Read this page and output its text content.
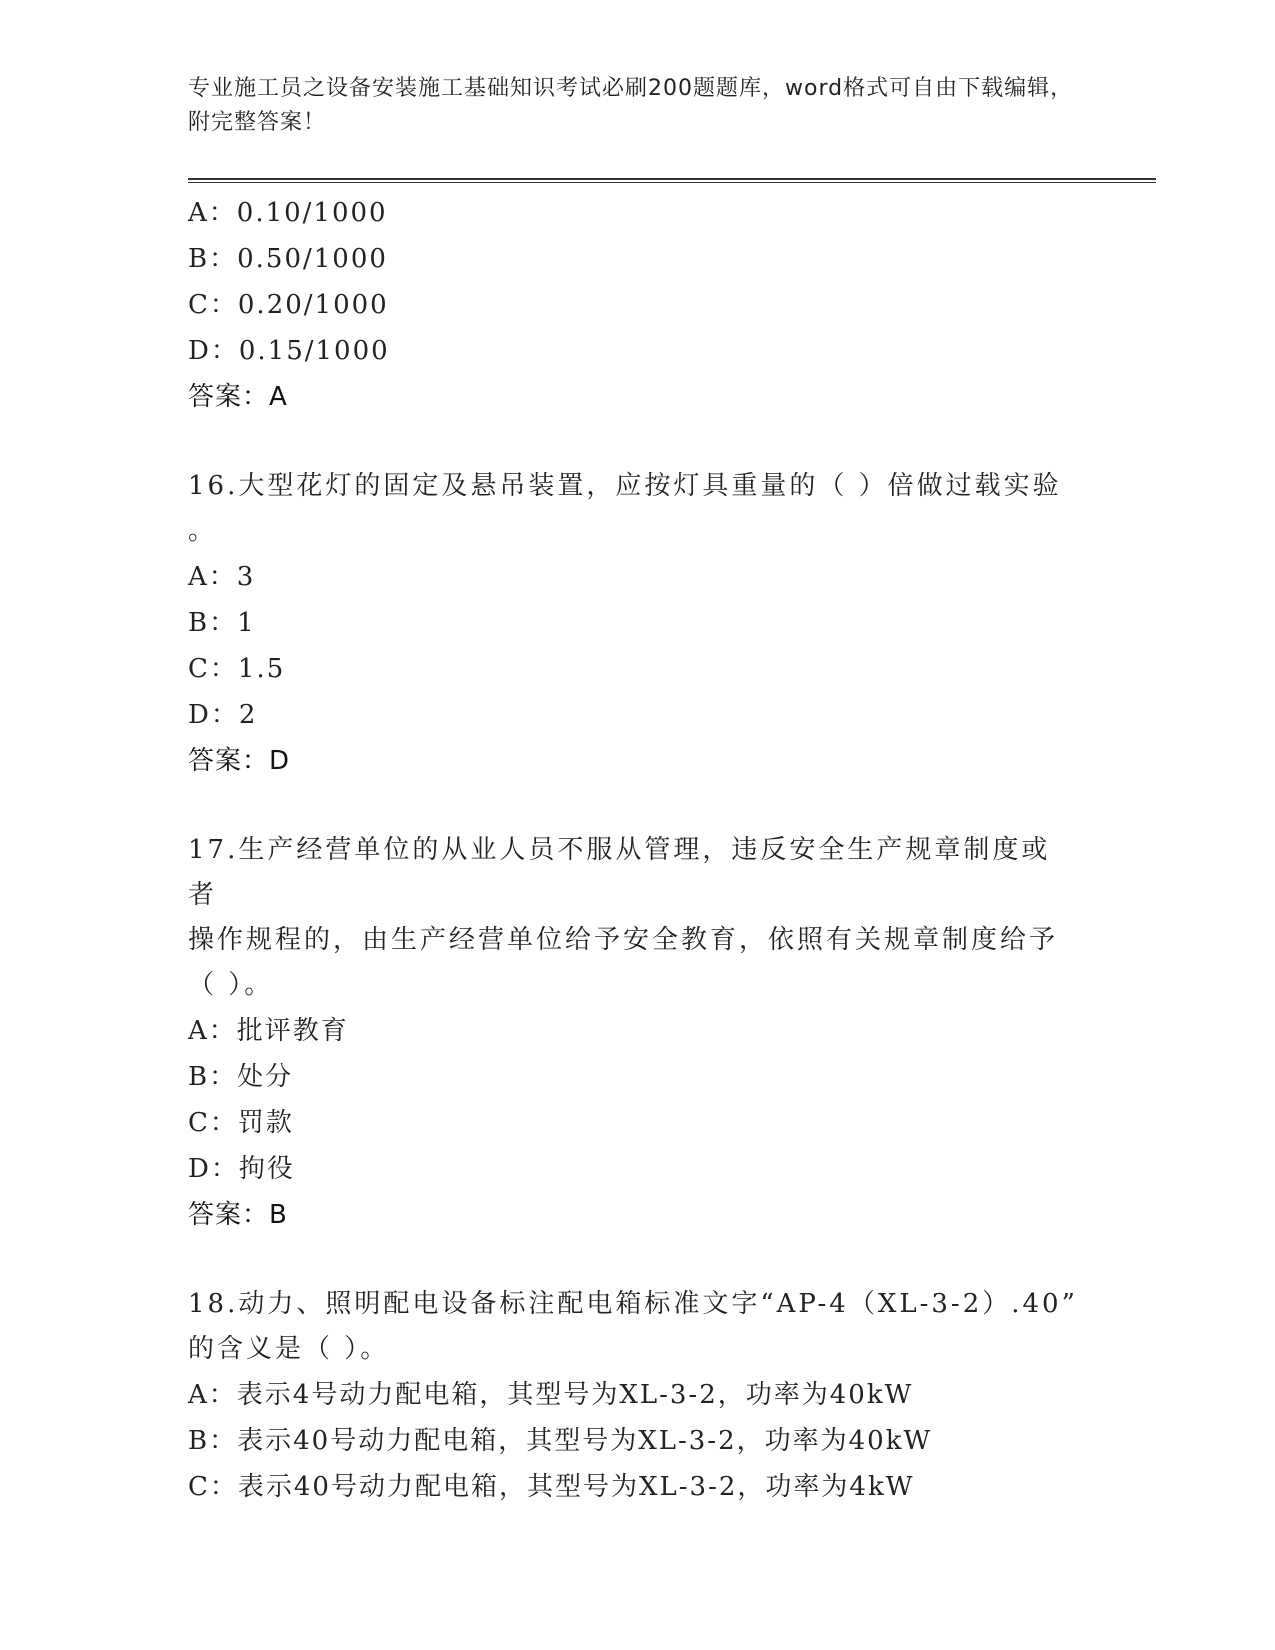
专业施工员之设备安装施工基础知识考试必刷200题题库，word格式可自由下载编辑，附完整答案！
A：0.10/1000
B：0.50/1000
C：0.20/1000
D：0.15/1000
答案：A
16.大型花灯的固定及悬吊装置，应按灯具重量的（ ）倍做过载实验
。
A：3
B：1
C：1.5
D：2
答案：D
17.生产经营单位的从业人员不服从管理，违反安全生产规章制度或者
操作规程的，由生产经营单位给予安全教育，依照有关规章制度给予
（ ）。
A：批评教育
B：处分
C：罚款
D：拘役
答案：B
18.动力、照明配电设备标注配电箱标准文字“AP-4（XL-3-2）.40”
的含义是（ ）。
A：表示4号动力配电箱，其型号为XL-3-2，功率为40kW
B：表示40号动力配电箱，其型号为XL-3-2，功率为40kW
C：表示40号动力配电箱，其型号为XL-3-2，功率为4kW
